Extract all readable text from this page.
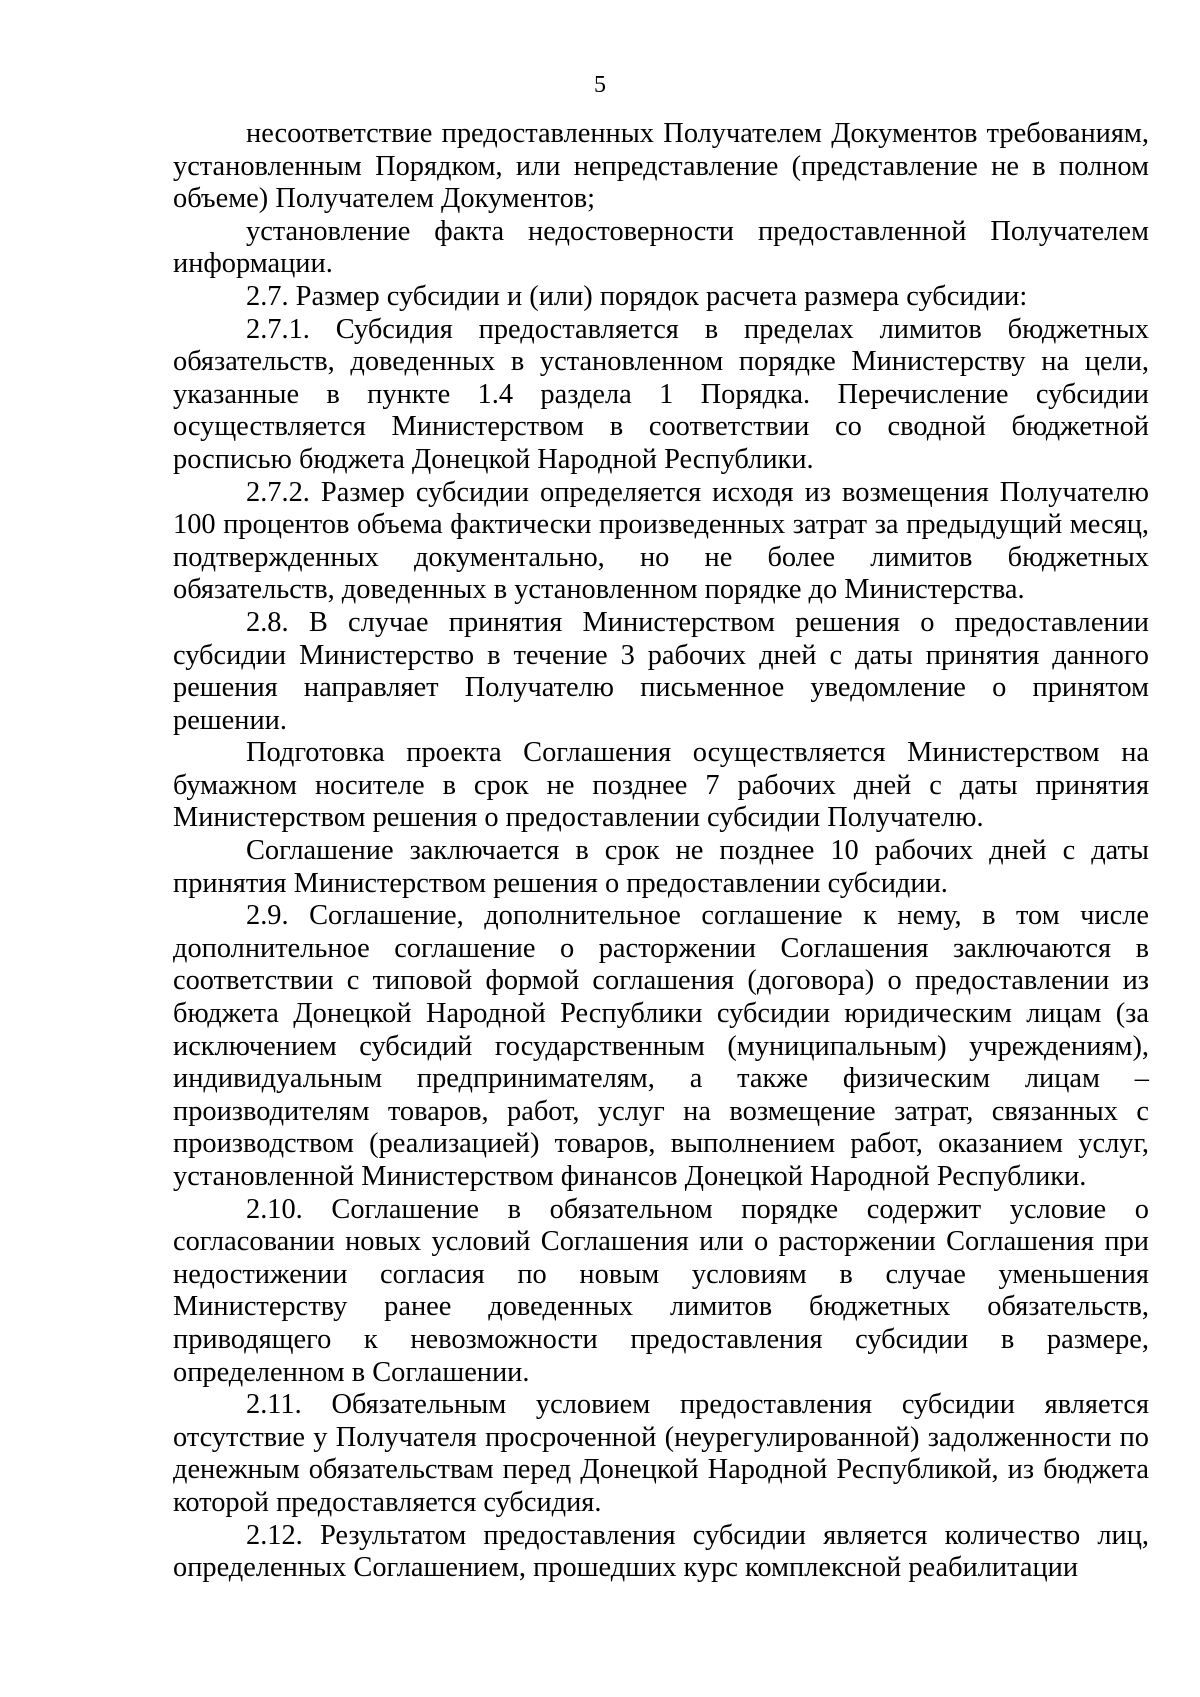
5

несоответствие предоставленных Получателем Документов требованиям, установленным Порядком, или непредставление (представление не в полном объеме) Получателем Документов;

установление факта недостоверности предоставленной Получателем информации.

2.7. Размер субсидии и (или) порядок расчета размера субсидии:

2.7.1. Субсидия предоставляется в пределах лимитов бюджетных обязательств, доведенных в установленном порядке Министерству на цели, указанные в пункте 1.4 раздела 1 Порядка. Перечисление субсидии осуществляется Министерством в соответствии со сводной бюджетной росписью бюджета Донецкой Народной Республики.

2.7.2. Размер субсидии определяется исходя из возмещения Получателю 100 процентов объема фактически произведенных затрат за предыдущий месяц, подтвержденных документально, но не более лимитов бюджетных обязательств, доведенных в установленном порядке до Министерства.

2.8. В случае принятия Министерством решения о предоставлении субсидии Министерство в течение 3 рабочих дней с даты принятия данного решения направляет Получателю письменное уведомление о принятом решении.

Подготовка проекта Соглашения осуществляется Министерством на бумажном носителе в срок не позднее 7 рабочих дней с даты принятия Министерством решения о предоставлении субсидии Получателю.

Соглашение заключается в срок не позднее 10 рабочих дней с даты принятия Министерством решения о предоставлении субсидии.

2.9. Соглашение, дополнительное соглашение к нему, в том числе дополнительное соглашение о расторжении Соглашения заключаются в соответствии с типовой формой соглашения (договора) о предоставлении из бюджета Донецкой Народной Республики субсидии юридическим лицам (за исключением субсидий государственным (муниципальным) учреждениям), индивидуальным предпринимателям, а также физическим лицам – производителям товаров, работ, услуг на возмещение затрат, связанных с производством (реализацией) товаров, выполнением работ, оказанием услуг, установленной Министерством финансов Донецкой Народной Республики.

2.10. Соглашение в обязательном порядке содержит условие о согласовании новых условий Соглашения или о расторжении Соглашения при недостижении согласия по новым условиям в случае уменьшения Министерству ранее доведенных лимитов бюджетных обязательств, приводящего к невозможности предоставления субсидии в размере, определенном в Соглашении.

2.11. Обязательным условием предоставления субсидии является отсутствие у Получателя просроченной (неурегулированной) задолженности по денежным обязательствам перед Донецкой Народной Республикой, из бюджета которой предоставляется субсидия.

2.12. Результатом предоставления субсидии является количество лиц, определенных Соглашением, прошедших курс комплексной реабилитации
